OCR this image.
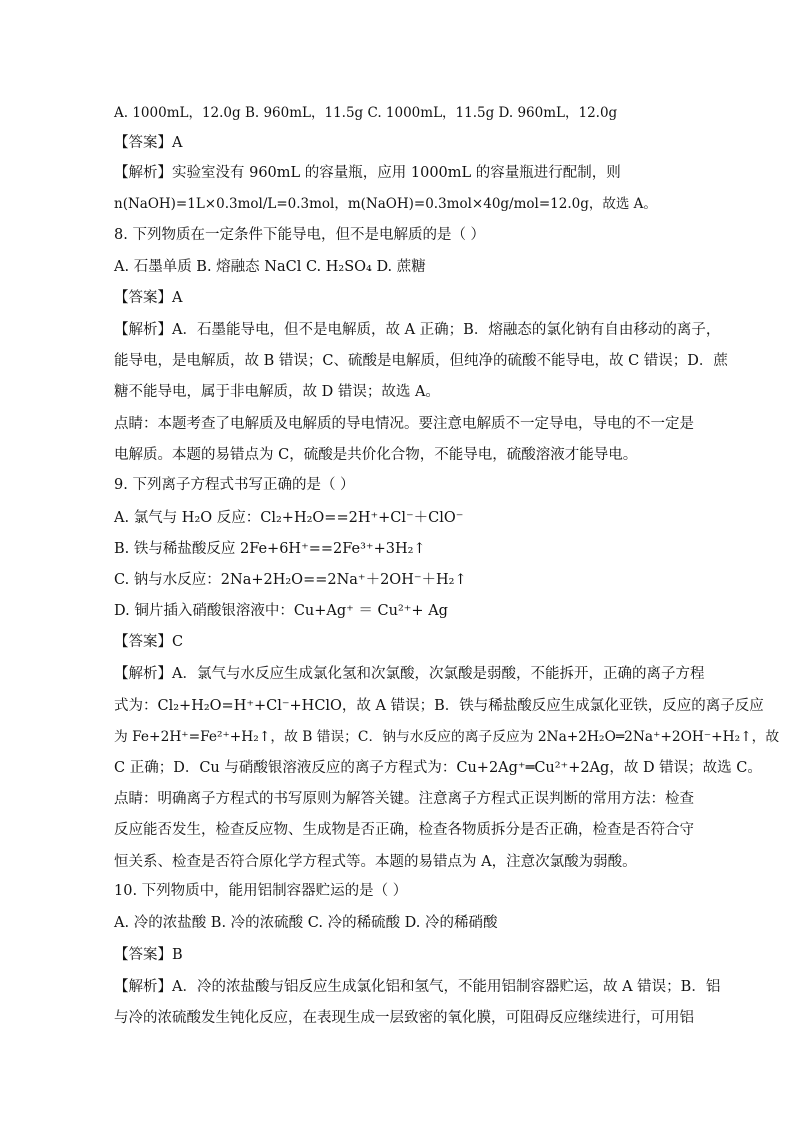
A. 1000mL，12.0g B. 960mL，11.5g C. 1000mL，11.5g D. 960mL，12.0g

【答案】A

【解析】实验室没有 960mL 的容量瓶，应用 1000mL 的容量瓶进行配制，则

n(NaOH)=1L×0.3mol/L=0.3mol，m(NaOH)=0.3mol×40g/mol=12.0g，故选 A。

8. 下列物质在一定条件下能导电，但不是电解质的是（ ）

A. 石墨单质 B. 熔融态 NaCl C. H₂SO₄ D. 蔗糖

【答案】A

【解析】A．石墨能导电，但不是电解质，故 A 正确；B．熔融态的氯化钠有自由移动的离子，

能导电，是电解质，故 B 错误；C、硫酸是电解质，但纯净的硫酸不能导电，故 C 错误；D．蔗

糖不能导电，属于非电解质，故 D 错误；故选 A。

点睛：本题考查了电解质及电解质的导电情况。要注意电解质不一定导电，导电的不一定是

电解质。本题的易错点为 C，硫酸是共价化合物，不能导电，硫酸溶液才能导电。

9. 下列离子方程式书写正确的是（ ）

A. 氯气与 H₂O 反应：Cl₂+H₂O==2H⁺+Cl⁻＋ClO⁻

B. 铁与稀盐酸反应 2Fe+6H⁺==2Fe³⁺+3H₂↑

C. 钠与水反应：2Na+2H₂O==2Na⁺＋2OH⁻＋H₂↑

D. 铜片插入硝酸银溶液中：Cu+Ag⁺ ＝ Cu²⁺+ Ag

【答案】C

【解析】A．氯气与水反应生成氯化氢和次氯酸，次氯酸是弱酸，不能拆开，正确的离子方程

式为：Cl₂+H₂O=H⁺+Cl⁻+HClO，故 A 错误；B．铁与稀盐酸反应生成氯化亚铁，反应的离子反应

为 Fe+2H⁺=Fe²⁺+H₂↑，故 B 错误；C．钠与水反应的离子反应为 2Na+2H₂O═2Na⁺+2OH⁻+H₂↑，故

C 正确；D．Cu 与硝酸银溶液反应的离子方程式为：Cu+2Ag⁺═Cu²⁺+2Ag，故 D 错误；故选 C。

点睛：明确离子方程式的书写原则为解答关键。注意离子方程式正误判断的常用方法：检查

反应能否发生，检查反应物、生成物是否正确，检查各物质拆分是否正确，检查是否符合守

恒关系、检查是否符合原化学方程式等。本题的易错点为 A，注意次氯酸为弱酸。

10. 下列物质中，能用铝制容器贮运的是（ ）

A. 冷的浓盐酸 B. 冷的浓硫酸 C. 冷的稀硫酸 D. 冷的稀硝酸

【答案】B

【解析】A．冷的浓盐酸与铝反应生成氯化铝和氢气，不能用铝制容器贮运，故 A 错误；B．铝

与冷的浓硫酸发生钝化反应，在表现生成一层致密的氧化膜，可阻碍反应继续进行，可用铝
